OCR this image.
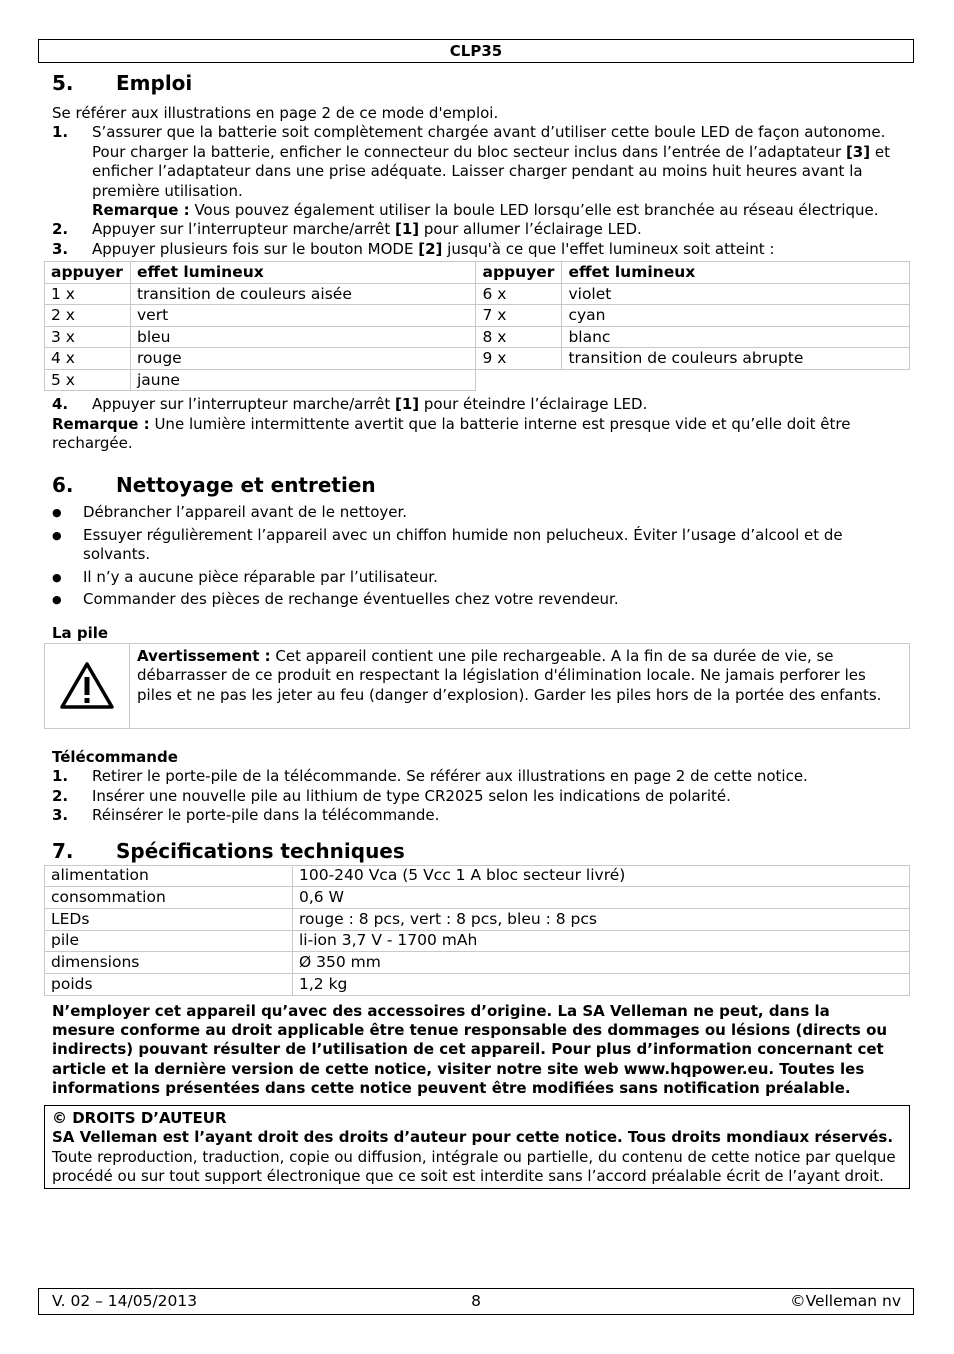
CLP35
5. Emploi

Se référer aux illustrations en page 2 de ce mode d'emploi.

1.	S’assurer que la batterie soit complètement chargée avant d’utiliser cette boule LED de façon autonome.
Pour charger la batterie, enficher le connecteur du bloc secteur inclus dans l’entrée de l’adaptateur [3] et enficher l’adaptateur dans une prise adéquate. Laisser charger pendant au moins huit heures avant la première utilisation.
Remarque : Vous pouvez également utiliser la boule LED lorsqu’elle est branchée au réseau électrique.
2.	Appuyer sur l’interrupteur marche/arrêt [1] pour allumer l’éclairage LED.
3.	Appuyer plusieurs fois sur le bouton MODE [2] jusqu'à ce que l'effet lumineux soit atteint :
appuyer	effet lumineux	appuyer	effet lumineux
1 x	transition de couleurs aisée	6 x	violet
2 x	vert	7 x	cyan
3 x	bleu	8 x	blanc
4 x	rouge	9 x	transition de couleurs abrupte
5 x	jaune		
4.	Appuyer sur l’interrupteur marche/arrêt [1] pour éteindre l’éclairage LED.

Remarque : Une lumière intermittente avertit que la batterie interne est presque vide et qu’elle doit être rechargée.

6. Nettoyage et entretien
●	Débrancher l’appareil avant de le nettoyer.
●	Essuyer régulièrement l’appareil avec un chiffon humide non pelucheux. Éviter l’usage d’alcool et de solvants.
●	Il n’y a aucune pièce réparable par l’utilisateur.
●	Commander des pièces de rechange éventuelles chez votre revendeur.

La pile

Avertissement : Cet appareil contient une pile rechargeable. A la fin de sa durée de vie, se débarrasser de ce produit en respectant la législation d'élimination locale. Ne jamais perforer les piles et ne pas les jeter au feu (danger d’explosion). Garder les piles hors de la portée des enfants.

Télécommande

1.	Retirer le porte-pile de la télécommande. Se référer aux illustrations en page 2 de cette notice.
2.	Insérer une nouvelle pile au lithium de type CR2025 selon les indications de polarité.
3.	Réinsérer le porte-pile dans la télécommande.
7. Spécifications techniques
alimentation	100-240 Vca (5 Vcc 1 A bloc secteur livré)
consommation	0,6 W
LEDs	rouge : 8 pcs, vert : 8 pcs, bleu : 8 pcs
pile	li-ion 3,7 V - 1700 mAh
dimensions	Ø 350 mm
poids	1,2 kg

N’employer cet appareil qu’avec des accessoires d’origine. La SA Velleman ne peut, dans la mesure conforme au droit applicable être tenue responsable des dommages ou lésions (directs ou indirects) pouvant résulter de l’utilisation de cet appareil. Pour plus d’information concernant cet article et la dernière version de cette notice, visiter notre site web www.hqpower.eu. Toutes les informations présentées dans cette notice peuvent être modifiées sans notification préalable.

© DROITS D’AUTEUR
SA Velleman est l’ayant droit des droits d’auteur pour cette notice. Tous droits mondiaux réservés. Toute reproduction, traduction, copie ou diffusion, intégrale ou partielle, du contenu de cette notice par quelque procédé ou sur tout support électronique que ce soit est interdite sans l’accord préalable écrit de l’ayant droit.
8
V. 02 – 14/05/2013	©Velleman nv
